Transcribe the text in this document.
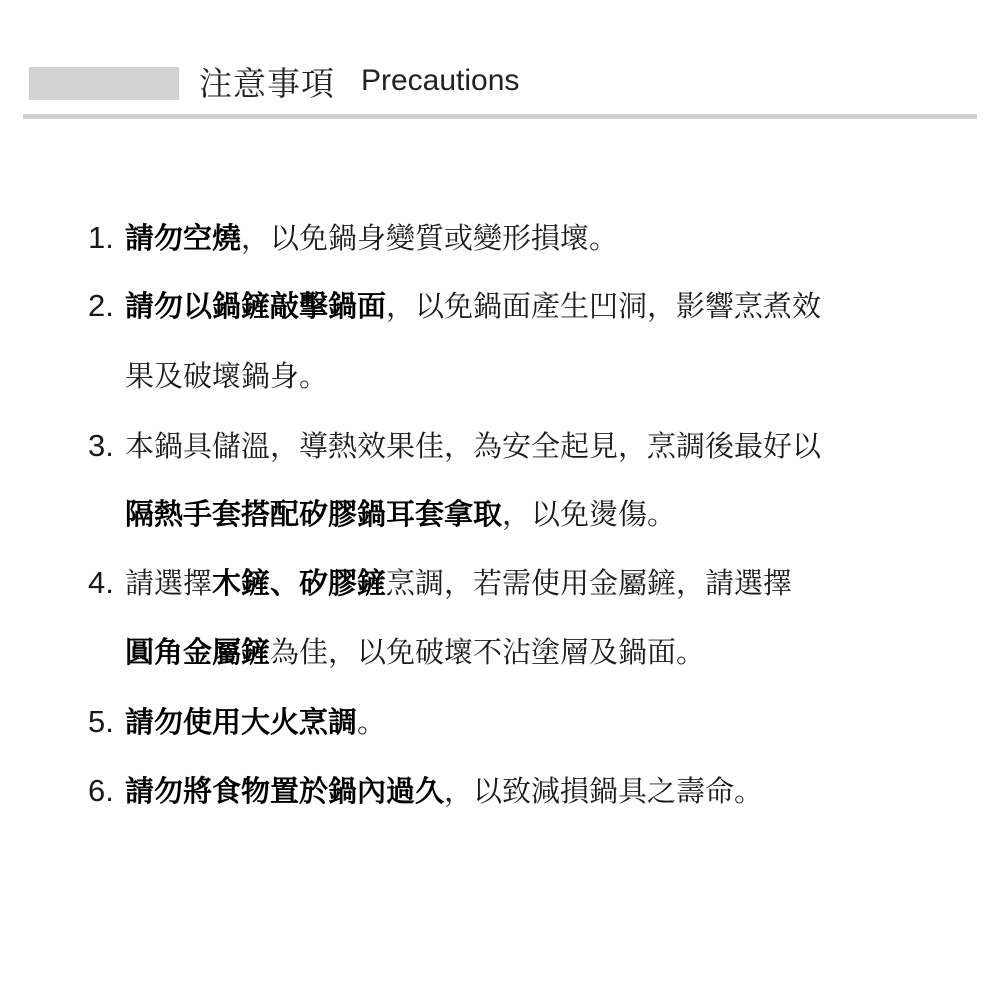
注意事項 Precautions
1. 請勿空燒，以免鍋身變質或變形損壞。
2. 請勿以鍋鏟敲擊鍋面，以免鍋面產生凹洞，影響烹煮效
果及破壞鍋身。
3. 本鍋具儲溫，導熱效果佳，為安全起見，烹調後最好以
隔熱手套搭配矽膠鍋耳套拿取，以免燙傷。
4. 請選擇木鏟、矽膠鏟烹調，若需使用金屬鏟，請選擇
圓角金屬鏟為佳，以免破壞不沾塗層及鍋面。
5. 請勿使用大火烹調。
6. 請勿將食物置於鍋內過久，以致減損鍋具之壽命。
